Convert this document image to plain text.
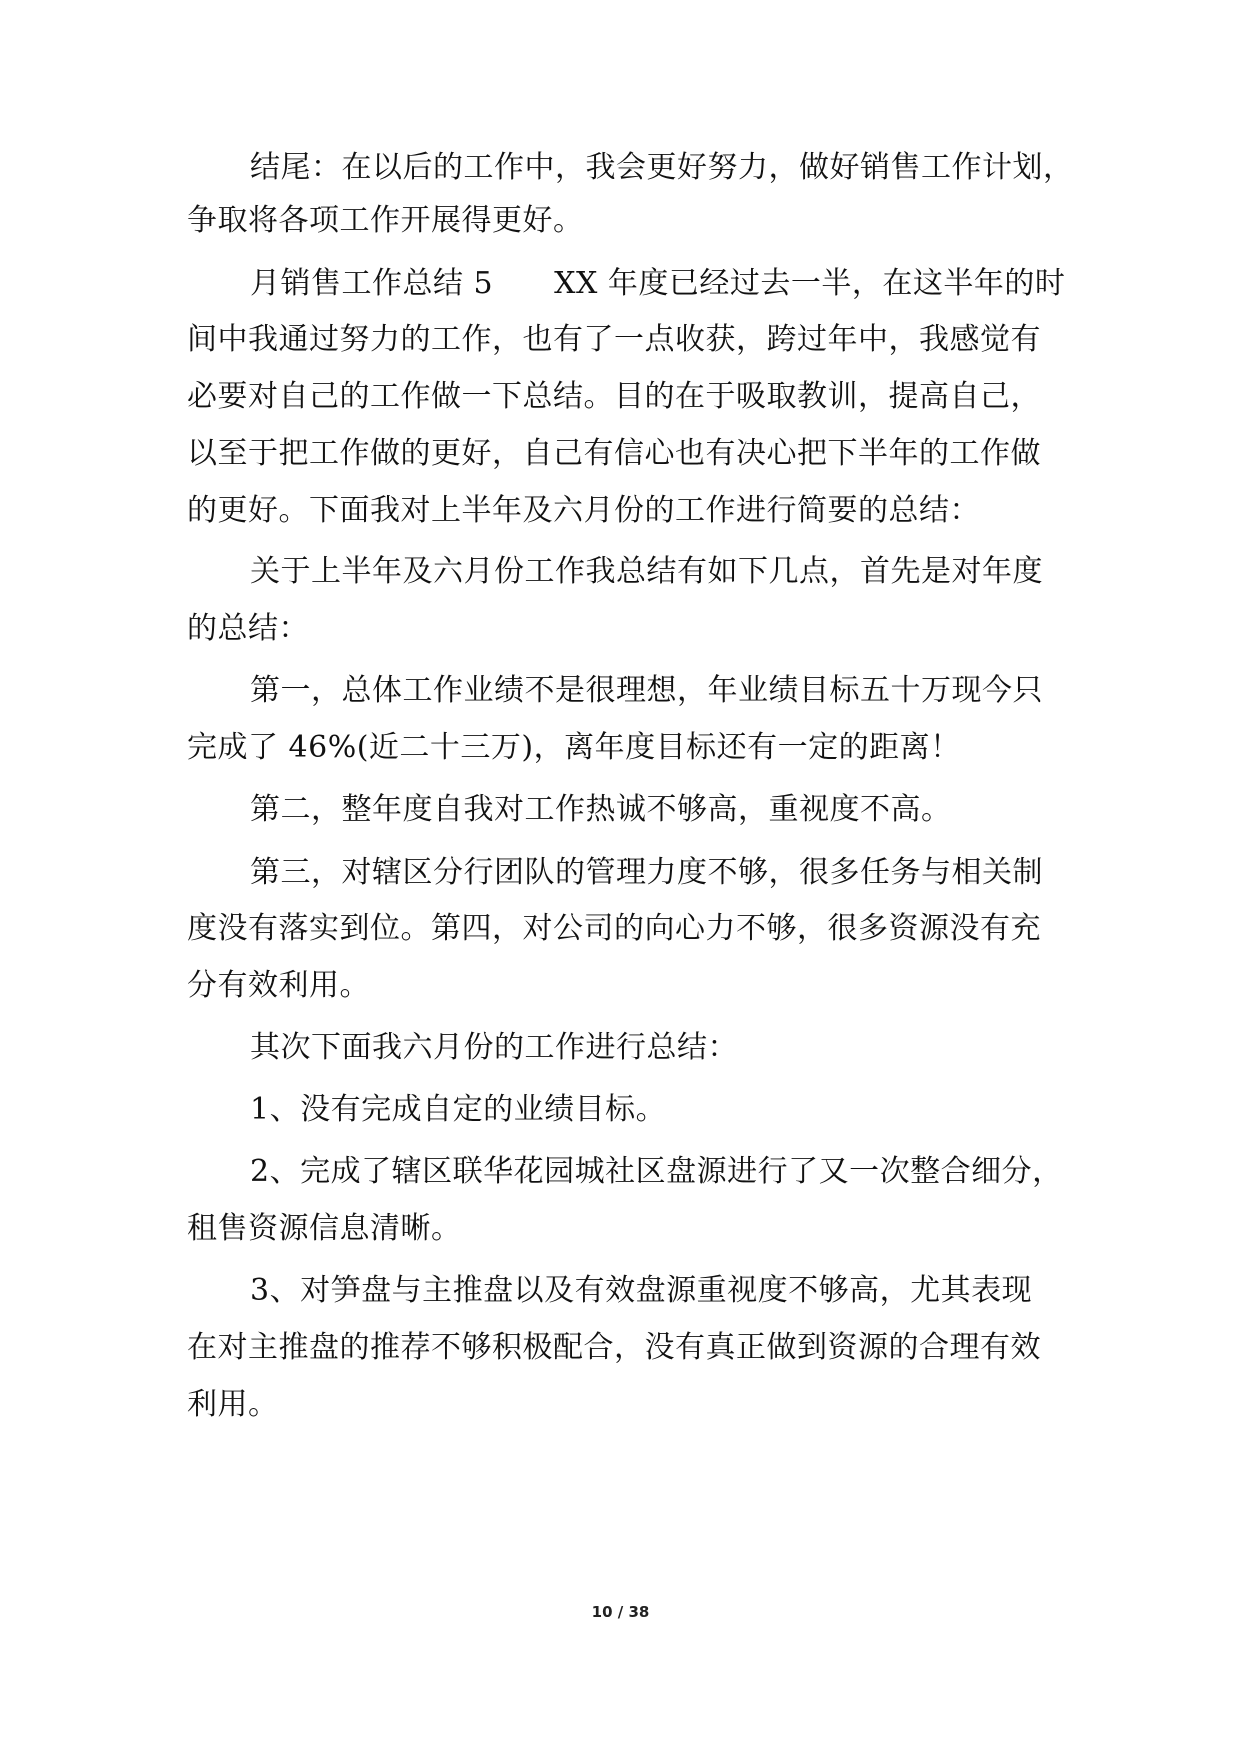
结尾：在以后的工作中，我会更好努力，做好销售工作计划，
争取将各项工作开展得更好。
月销售工作总结 5　　XX 年度已经过去一半，在这半年的时
间中我通过努力的工作，也有了一点收获，跨过年中，我感觉有
必要对自己的工作做一下总结。目的在于吸取教训，提高自己，
以至于把工作做的更好，自己有信心也有决心把下半年的工作做
的更好。下面我对上半年及六月份的工作进行简要的总结：
关于上半年及六月份工作我总结有如下几点，首先是对年度
的总结：
第一，总体工作业绩不是很理想，年业绩目标五十万现今只
完成了 46%(近二十三万)，离年度目标还有一定的距离！
第二，整年度自我对工作热诚不够高，重视度不高。
第三，对辖区分行团队的管理力度不够，很多任务与相关制
度没有落实到位。第四，对公司的向心力不够，很多资源没有充
分有效利用。
其次下面我六月份的工作进行总结：
1、没有完成自定的业绩目标。
2、完成了辖区联华花园城社区盘源进行了又一次整合细分，
租售资源信息清晰。
3、对笋盘与主推盘以及有效盘源重视度不够高，尤其表现
在对主推盘的推荐不够积极配合，没有真正做到资源的合理有效
利用。
10 / 38
